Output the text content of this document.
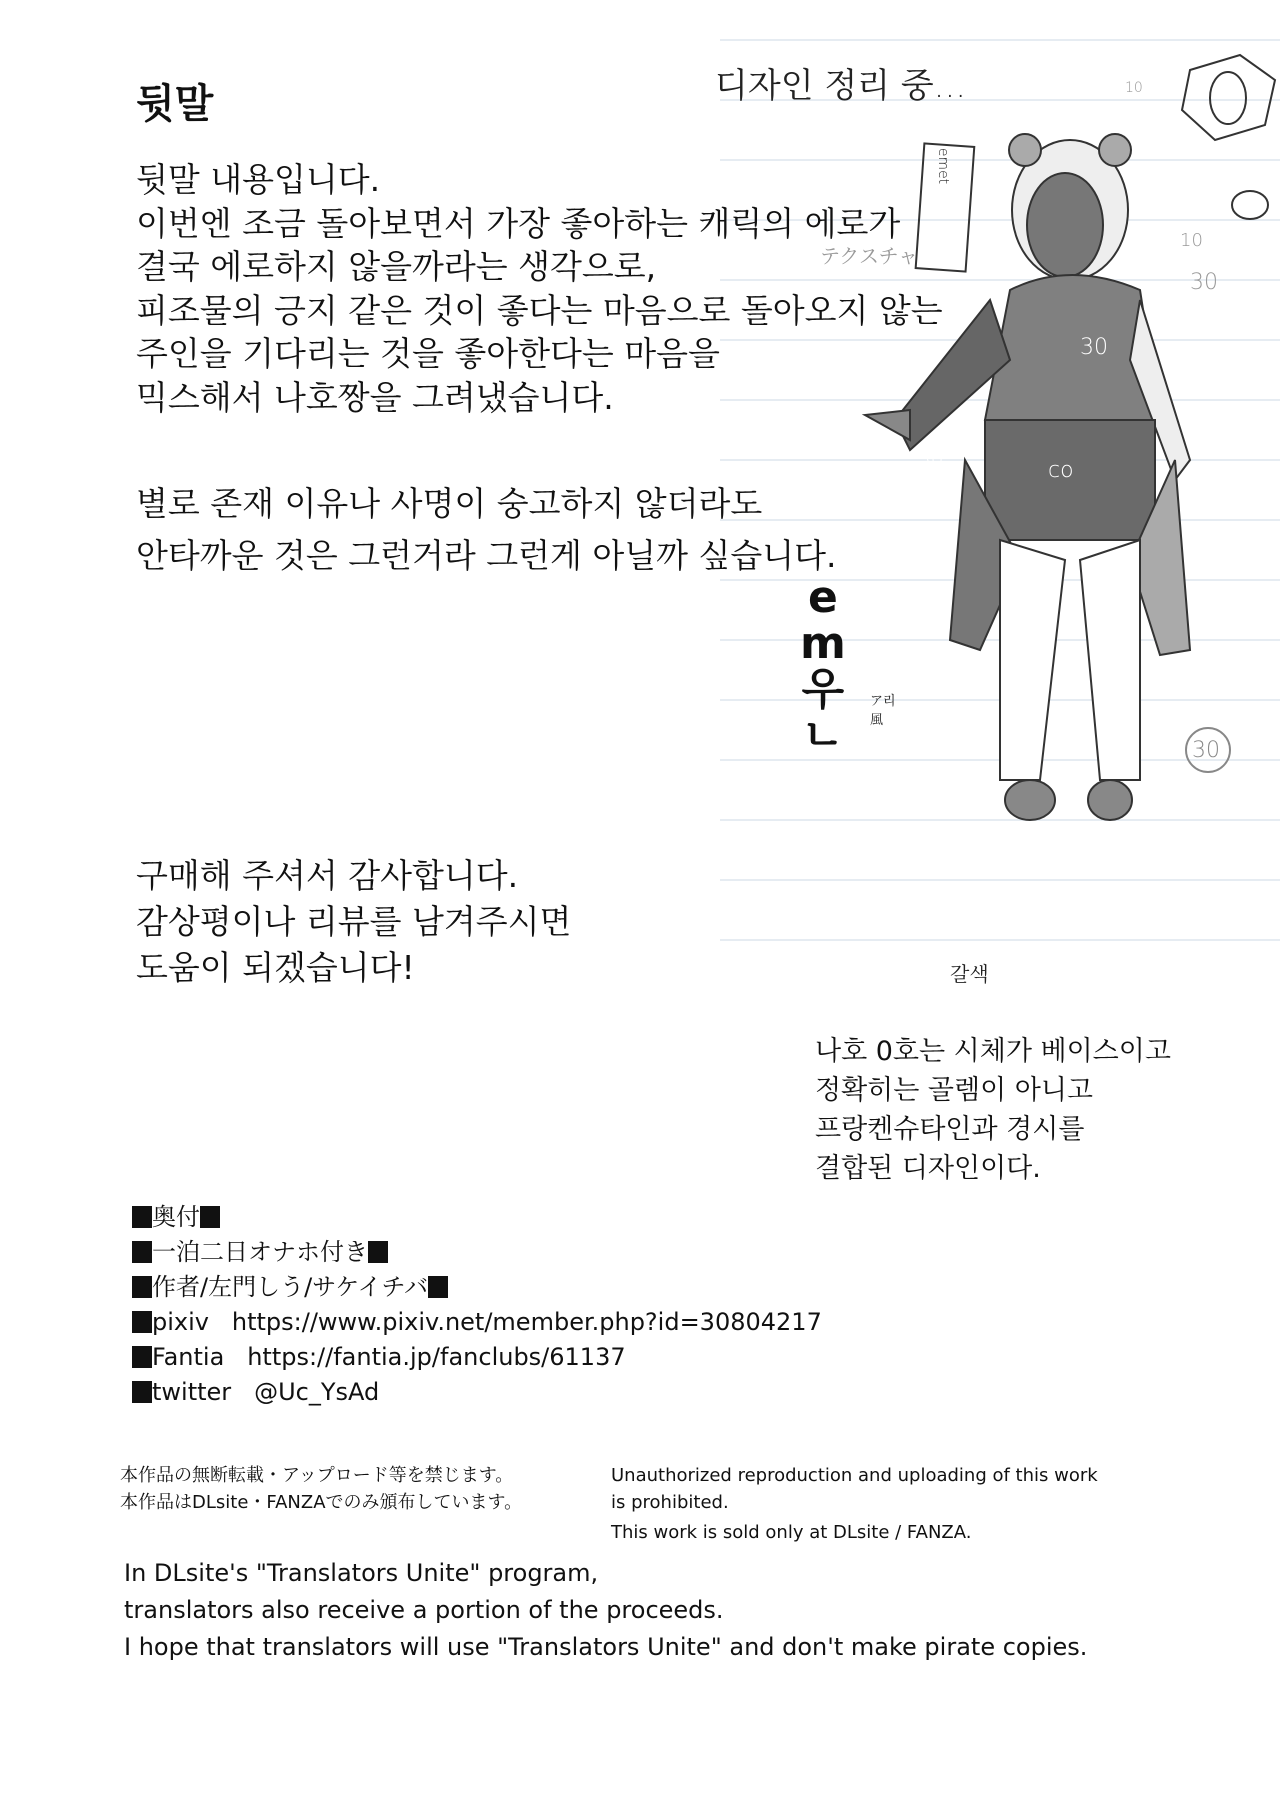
디자인 정리 중...
emet
テクスチャ
10
10
30
30
50	co
30
e
m
우
ㄴ
ア리 風
갈색
뒷말
뒷말 내용입니다.
이번엔 조금 돌아보면서 가장 좋아하는 캐릭의 에로가
결국 에로하지 않을까라는 생각으로,
피조물의 긍지 같은 것이 좋다는 마음으로 돌아오지 않는
주인을 기다리는 것을 좋아한다는 마음을
믹스해서 나호짱을 그려냈습니다.
별로 존재 이유나 사명이 숭고하지 않더라도
안타까운 것은 그런거라 그런게 아닐까 싶습니다.
구매해 주셔서 감사합니다.
감상평이나 리뷰를 남겨주시면
도움이 되겠습니다!
나호 0호는 시체가 베이스이고
정확히는 골렘이 아니고
프랑켄슈타인과 경시를
결합된 디자인이다.
奥付
一泊二日オナホ付き
作者/左門しう/サケイチバ
pixiv https://www.pixiv.net/member.php?id=30804217
Fantia https://fantia.jp/fanclubs/61137
twitter @Uc_YsAd
本作品の無断転載・アップロード等を禁じます。
本作品はDLsite・FANZAでのみ頒布しています。
Unauthorized reproduction and uploading of this work
is prohibited.
This work is sold only at DLsite / FANZA.
In DLsite's "Translators Unite" program,
translators also receive a portion of the proceeds.
I hope that translators will use "Translators Unite" and don't make pirate copies.
